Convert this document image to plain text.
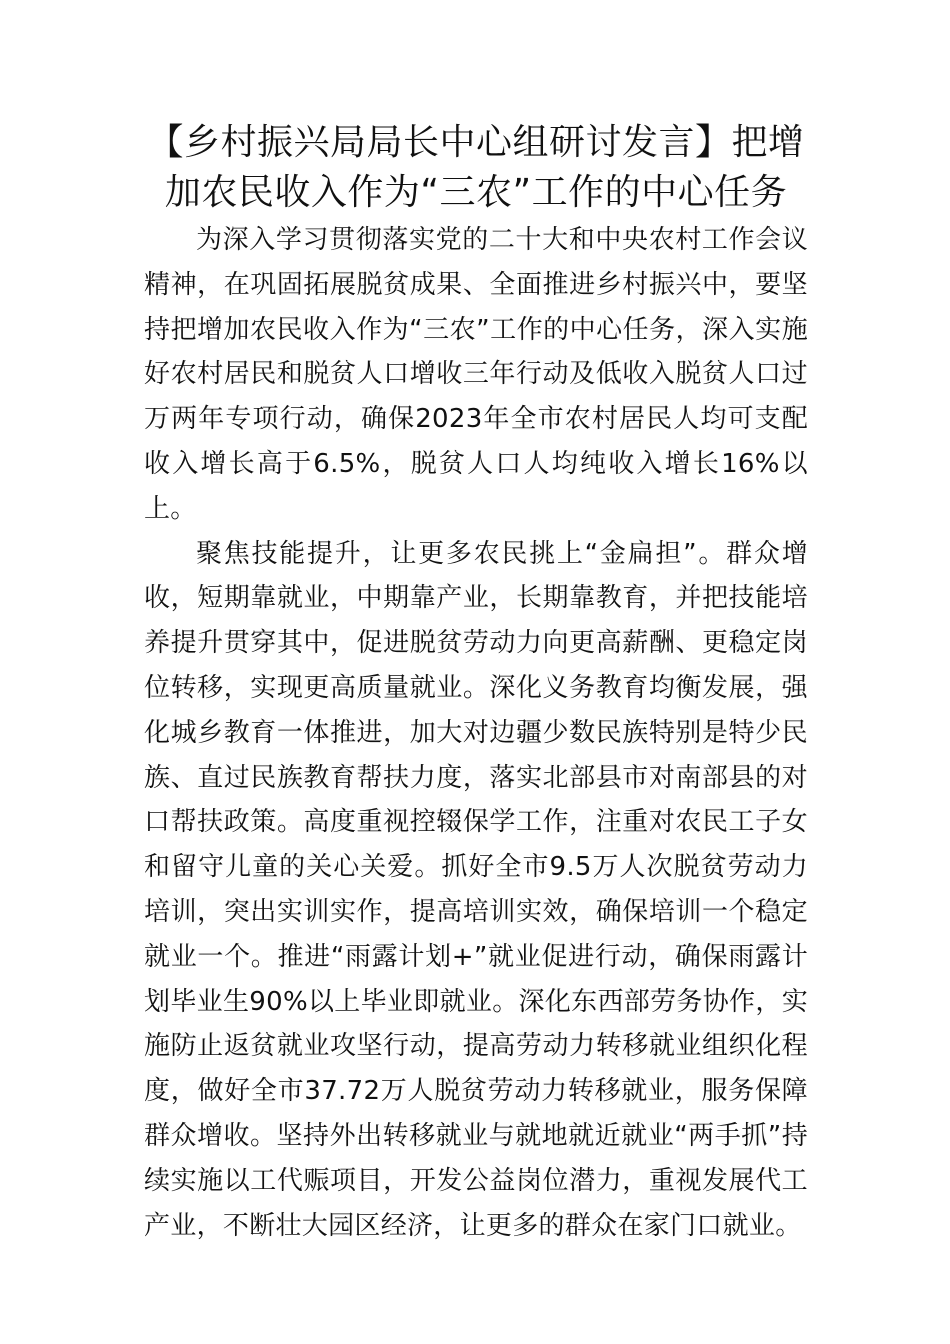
【乡村振兴局局长中心组研讨发言】把增加农民收入作为“三农”工作的中心任务

为深入学习贯彻落实党的二十大和中央农村工作会议精神，在巩固拓展脱贫成果、全面推进乡村振兴中，要坚持把增加农民收入作为“三农”工作的中心任务，深入实施好农村居民和脱贫人口增收三年行动及低收入脱贫人口过万两年专项行动，确保2023年全市农村居民人均可支配收入增长高于6.5%，脱贫人口人均纯收入增长16%以上。

聚焦技能提升，让更多农民挑上“金扁担”。群众增收，短期靠就业，中期靠产业，长期靠教育，并把技能培养提升贯穿其中，促进脱贫劳动力向更高薪酬、更稳定岗位转移，实现更高质量就业。深化义务教育均衡发展，强化城乡教育一体推进，加大对边疆少数民族特别是特少民族、直过民族教育帮扶力度，落实北部县市对南部县的对口帮扶政策。高度重视控辍保学工作，注重对农民工子女和留守儿童的关心关爱。抓好全市9.5万人次脱贫劳动力培训，突出实训实作，提高培训实效，确保培训一个稳定就业一个。推进“雨露计划+”就业促进行动，确保雨露计划毕业生90%以上毕业即就业。深化东西部劳务协作，实施防止返贫就业攻坚行动，提高劳动力转移就业组织化程度，做好全市37.72万人脱贫劳动力转移就业，服务保障群众增收。坚持外出转移就业与就地就近就业“两手抓”持续实施以工代赈项目，开发公益岗位潜力，重视发展代工产业，不断壮大园区经济，让更多的群众在家门口就业。
